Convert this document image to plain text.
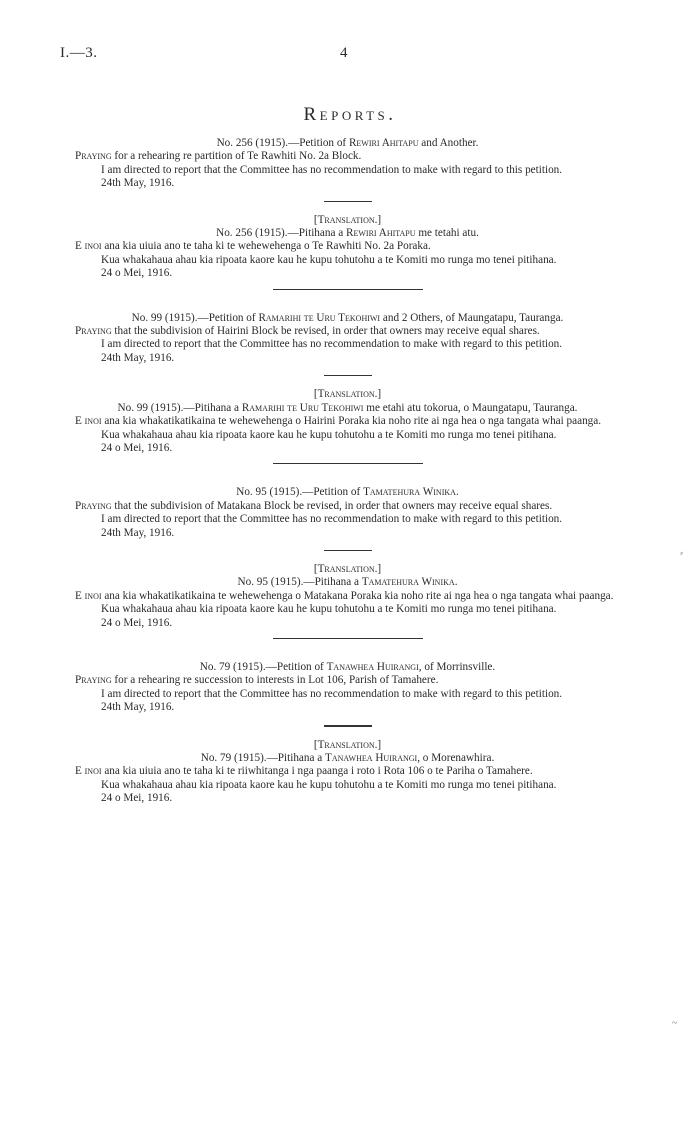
I.—3.	4
Reports.

No. 256 (1915).—Petition of Rewiri Ahitapu and Another.

Praying for a rehearing re partition of Te Rawhiti No. 2a Block.

I am directed to report that the Committee has no recommendation to make with regard to this petition.

24th May, 1916.

[Translation.]

No. 256 (1915).—Pitihana a Rewiri Ahitapu me tetahi atu.

E inoi ana kia uiuia ano te taha ki te wehewehenga o Te Rawhiti No. 2a Poraka.

Kua whakahaua ahau kia ripoata kaore kau he kupu tohutohu a te Komiti mo runga mo tenei pitihana.

24 o Mei, 1916.

No. 99 (1915).—Petition of Ramarihi te Uru Tekohiwi and 2 Others, of Maungatapu, Tauranga.

Praying that the subdivision of Hairini Block be revised, in order that owners may receive equal shares.

I am directed to report that the Committee has no recommendation to make with regard to this petition.

24th May, 1916.

[Translation.]

No. 99 (1915).—Pitihana a Ramarihi te Uru Tekohiwi me etahi atu tokorua, o Maungatapu, Tauranga.

E inoi ana kia whakatikatikaina te wehewehenga o Hairini Poraka kia noho rite ai nga hea o nga tangata whai paanga.

Kua whakahaua ahau kia ripoata kaore kau he kupu tohutohu a te Komiti mo runga mo tenei pitihana.

24 o Mei, 1916.

No. 95 (1915).—Petition of Tamatehura Winika.

Praying that the subdivision of Matakana Block be revised, in order that owners may receive equal shares.

I am directed to report that the Committee has no recommendation to make with regard to this petition.

24th May, 1916.

[Translation.]

No. 95 (1915).—Pitihana a Tamatehura Winika.

E inoi ana kia whakatikatikaina te wehewehenga o Matakana Poraka kia noho rite ai nga hea o nga tangata whai paanga.

Kua whakahaua ahau kia ripoata kaore kau he kupu tohutohu a te Komiti mo runga mo tenei pitihana.

24 o Mei, 1916.

No. 79 (1915).—Petition of Tanawhea Huirangi, of Morrinsville.

Praying for a rehearing re succession to interests in Lot 106, Parish of Tamahere.

I am directed to report that the Committee has no recommendation to make with regard to this petition.

24th May, 1916.

[Translation.]

No. 79 (1915).—Pitihana a Tanawhea Huirangi, o Morenawhira.

E inoi ana kia uiuia ano te taha ki te riiwhitanga i nga paanga i roto i Rota 106 o te Pariha o Tamahere.

Kua whakahaua ahau kia ripoata kaore kau he kupu tohutohu a te Komiti mo runga mo tenei pitihana.

24 o Mei, 1916.

⸗
~
